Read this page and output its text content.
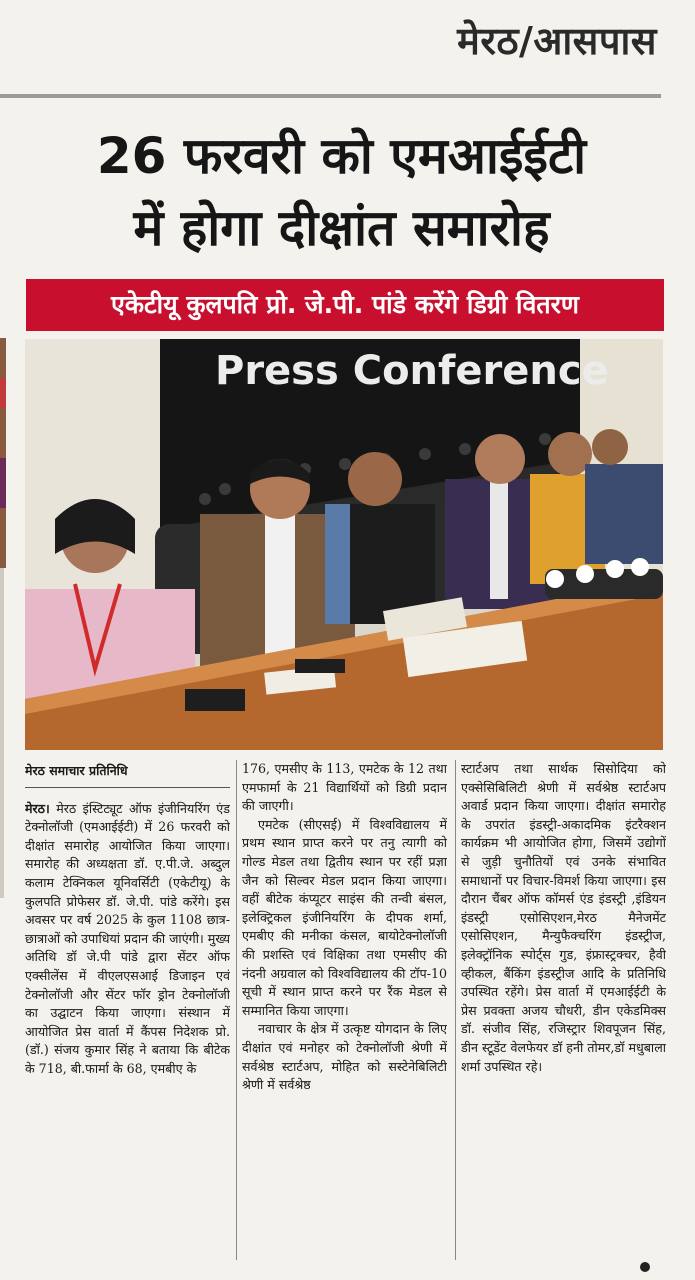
मेरठ/आसपास
26 फरवरी को एमआईईटी
में होगा दीक्षांत समारोह
एकेटीयू कुलपति प्रो. जे.पी. पांडे करेंगे डिग्री वितरण
Press Conference
मेरठ समाचार प्रतिनिधि

मेरठ। मेरठ इंस्टिट्यूट ऑफ इंजीनियरिंग एंड टेक्नोलॉजी (एमआईईटी) में 26 फरवरी को दीक्षांत समारोह आयोजित किया जाएगा। समारोह की अध्यक्षता डॉ. ए.पी.जे. अब्दुल कलाम टेक्निकल यूनिवर्सिटी (एकेटीयू) के कुलपति प्रोफेसर डॉ. जे.पी. पांडे करेंगे। इस अवसर पर वर्ष 2025 के कुल 1108 छात्र-छात्राओं को उपाधियां प्रदान की जाएंगी। मुख्य अतिथि डॉ जे.पी पांडे द्वारा सेंटर ऑफ एक्सीलेंस में वीएलएसआई डिजाइन एवं टेक्नोलॉजी और सेंटर फॉर ड्रोन टेक्नोलॉजी का उद्घाटन किया जाएगा। संस्थान में आयोजित प्रेस वार्ता में कैंपस निदेशक प्रो. (डॉ.) संजय कुमार सिंह ने बताया कि बीटेक के 718, बी.फार्मा के 68, एमबीए के

176, एमसीए के 113, एमटेक के 12 तथा एमफार्मा के 21 विद्यार्थियों को डिग्री प्रदान की जाएगी।

एमटेक (सीएसई) में विश्वविद्यालय में प्रथम स्थान प्राप्त करने पर तनु त्यागी को गोल्ड मेडल तथा द्वितीय स्थान पर रहीं प्रज्ञा जैन को सिल्वर मेडल प्रदान किया जाएगा। वहीं बीटेक कंप्यूटर साइंस की तन्वी बंसल, इलेक्ट्रिकल इंजीनियरिंग के दीपक शर्मा, एमबीए की मनीका कंसल, बायोटेक्नोलॉजी की प्रशस्ति एवं विक्षिका तथा एमसीए की नंदनी अग्रवाल को विश्वविद्यालय की टॉप-10 सूची में स्थान प्राप्त करने पर रैंक मेडल से सम्मानित किया जाएगा।

नवाचार के क्षेत्र में उत्कृष्ट योगदान के लिए दीक्षांत एवं मनोहर को टेक्नोलॉजी श्रेणी में सर्वश्रेष्ठ स्टार्टअप, मोहित को सस्टेनेबिलिटी श्रेणी में सर्वश्रेष्ठ

स्टार्टअप तथा सार्थक सिसोदिया को एक्सेसिबिलिटी श्रेणी में सर्वश्रेष्ठ स्टार्टअप अवार्ड प्रदान किया जाएगा। दीक्षांत समारोह के उपरांत इंडस्ट्री-अकादमिक इंटरैक्शन कार्यक्रम भी आयोजित होगा, जिसमें उद्योगों से जुड़ी चुनौतियों एवं उनके संभावित समाधानों पर विचार-विमर्श किया जाएगा। इस दौरान चैंबर ऑफ कॉमर्स एंड इंडस्ट्री ,इंडियन इंडस्ट्री एसोसिएशन,मेरठ मैनेजमेंट एसोसिएशन, मैन्युफैक्चरिंग इंडस्ट्रीज, इलेक्ट्रॉनिक स्पोर्ट्स गुड, इंफ्रास्ट्रक्चर, हैवी व्हीकल, बैंकिंग इंडस्ट्रीज आदि के प्रतिनिधि उपस्थित रहेंगे। प्रेस वार्ता में एमआईईटी के प्रेस प्रवक्ता अजय चौधरी, डीन एकेडमिक्स डॉ. संजीव सिंह, रजिस्ट्रार शिवपूजन सिंह, डीन स्टूडेंट वेलफेयर डॉ हनी तोमर,डॉ मधुबाला शर्मा उपस्थित रहे।
